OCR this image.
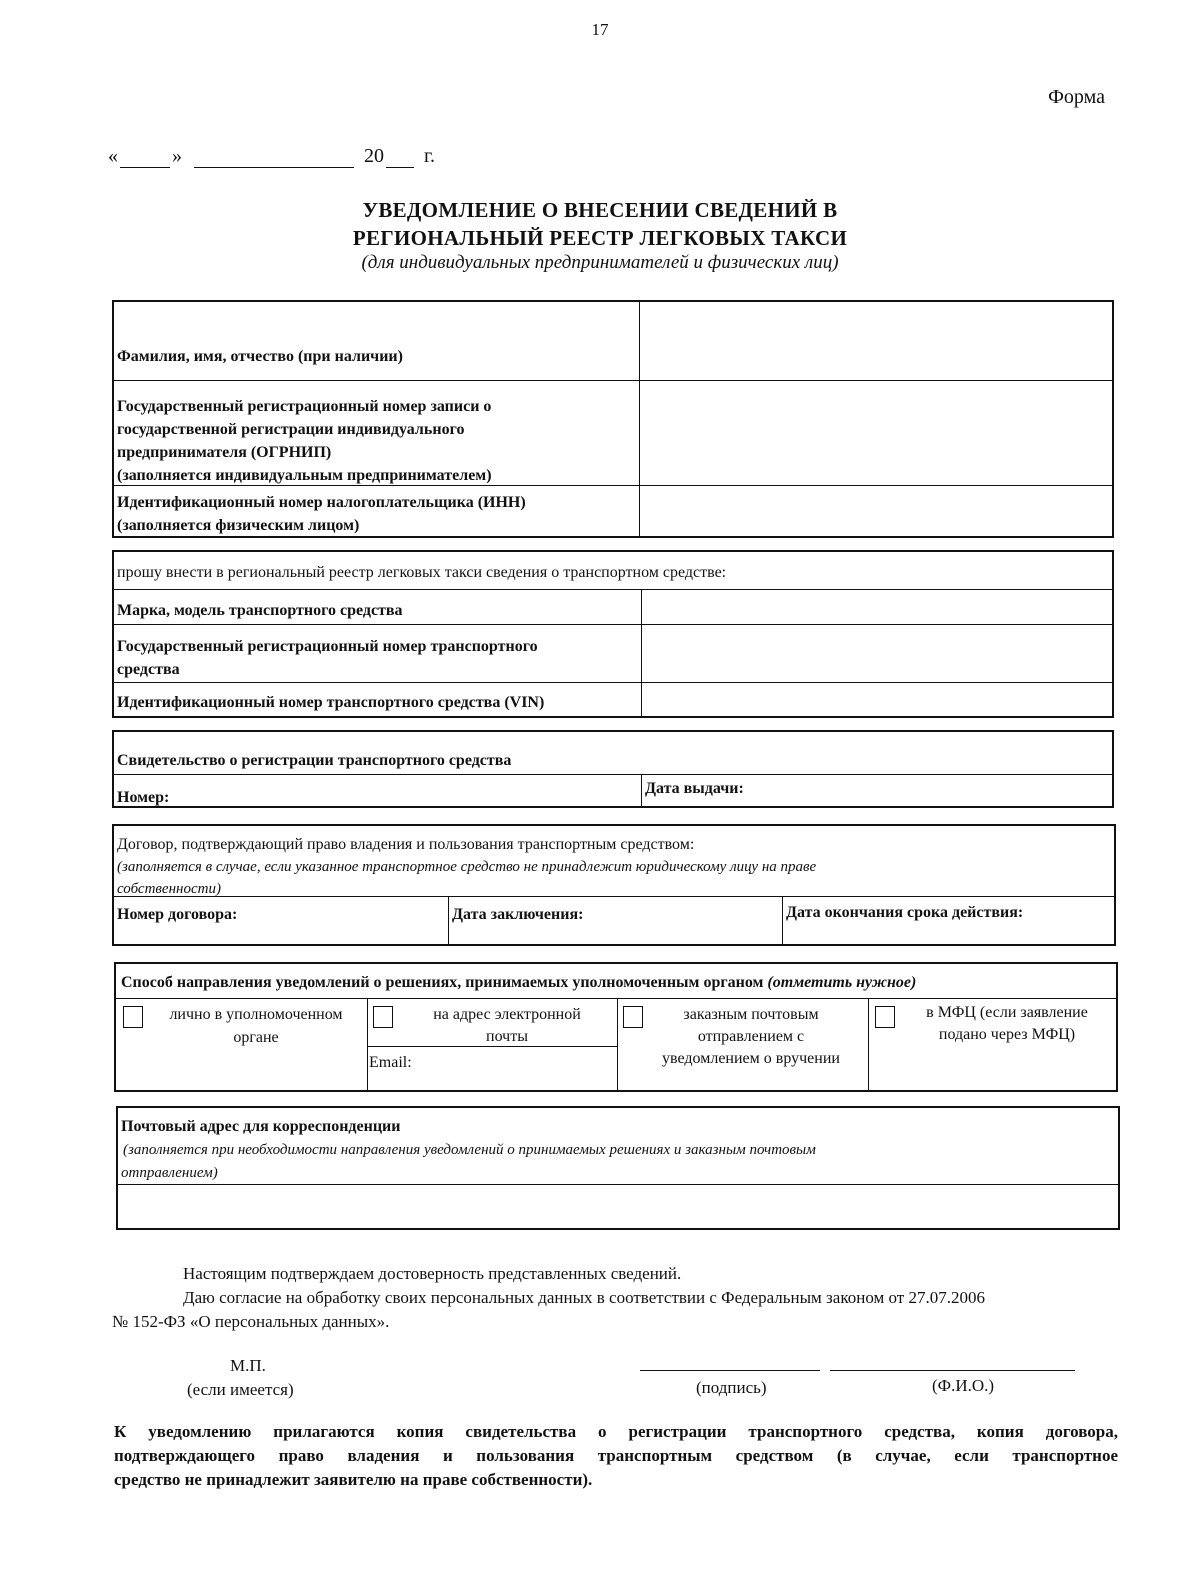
17
Форма
«	»	20 г.
УВЕДОМЛЕНИЕ О ВНЕСЕНИИ СВЕДЕНИЙ В
РЕГИОНАЛЬНЫЙ РЕЕСТР ЛЕГКОВЫХ ТАКСИ
(для индивидуальных предпринимателей и физических лиц)
Фамилия, имя, отчество (при наличии)
Государственный регистрационный номер записи о
государственной регистрации индивидуального
предпринимателя (ОГРНИП)
(заполняется индивидуальным предпринимателем)
Идентификационный номер налогоплательщика (ИНН)
(заполняется физическим лицом)
прошу внести в региональный реестр легковых такси сведения о транспортном средстве:
Марка, модель транспортного средства
Государственный регистрационный номер транспортного
средства
Идентификационный номер транспортного средства (VIN)
Свидетельство о регистрации транспортного средства
Номер:
Дата выдачи:
Договор, подтверждающий право владения и пользования транспортным средством:
(заполняется в случае, если указанное транспортное средство не принадлежит юридическому лицу на праве
собственности)
Номер договора:	Дата заключения:	Дата окончания срока действия:
Способ направления уведомлений о решениях, принимаемых уполномоченным органом (отметить нужное)
лично в уполномоченном
органе
на адрес электронной
почты
Email:
заказным почтовым
отправлением с
уведомлением о вручении
в МФЦ (если заявление
подано через МФЦ)
Почтовый адрес для корреспонденции
(заполняется при необходимости направления уведомлений о принимаемых решениях и заказным почтовым
отправлением)
Настоящим подтверждаем достоверность представленных сведений.
Даю согласие на обработку своих персональных данных в соответствии с Федеральным законом от 27.07.2006
№ 152-ФЗ «О персональных данных».
М.П.
(если имеется)	(подпись)	(Ф.И.О.)
К уведомлению прилагаются копия свидетельства о регистрации транспортного средства, копия договора,
подтверждающего право владения и пользования транспортным средством (в случае, если транспортное
средство не принадлежит заявителю на праве собственности).
